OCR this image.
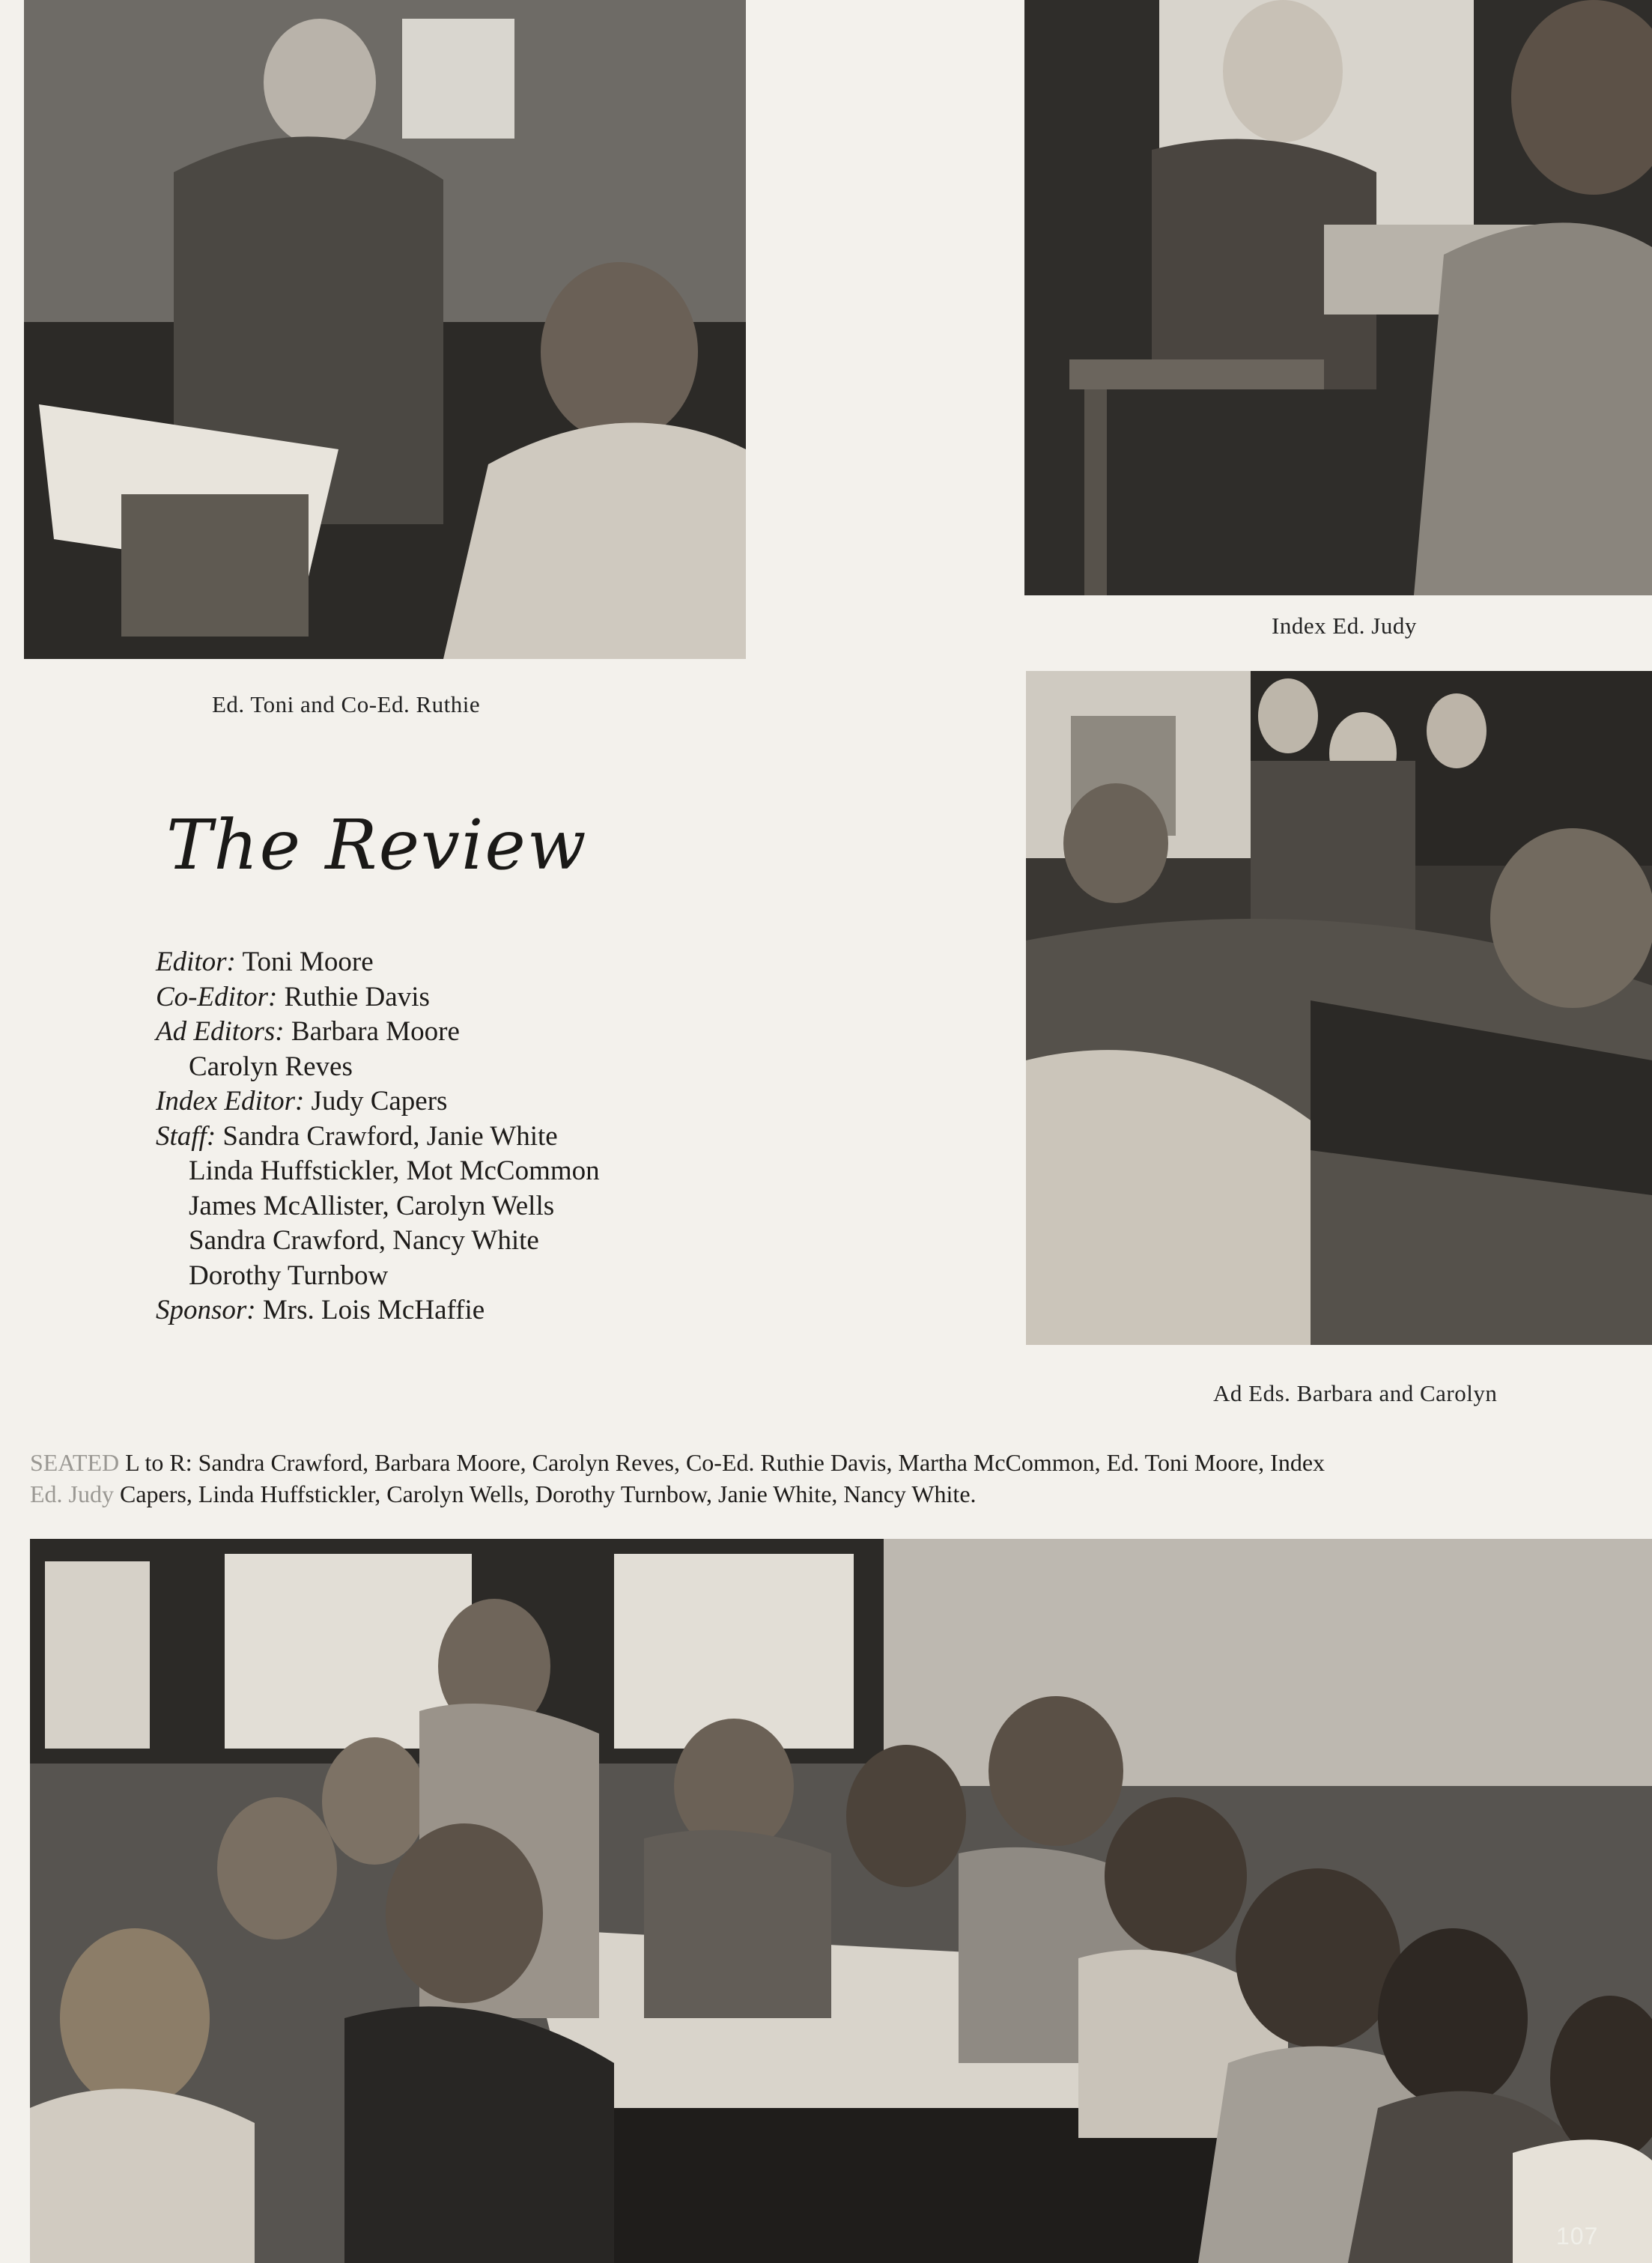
Ed. Toni and Co-Ed. Ruthie
Index Ed. Judy
The Review
Editor: Toni Moore
Co-Editor: Ruthie Davis
Ad Editors: Barbara Moore
Carolyn Reves
Index Editor: Judy Capers
Staff: Sandra Crawford, Janie White
Linda Huffstickler, Mot McCommon
James McAllister, Carolyn Wells
Sandra Crawford, Nancy White
Dorothy Turnbow
Sponsor: Mrs. Lois McHaffie
Ad Eds. Barbara and Carolyn
SEATED L to R: Sandra Crawford, Barbara Moore, Carolyn Reves, Co-Ed. Ruthie Davis, Martha McCommon, Ed. Toni Moore, Index
Ed. Judy Capers, Linda Huffstickler, Carolyn Wells, Dorothy Turnbow, Janie White, Nancy White.
107
